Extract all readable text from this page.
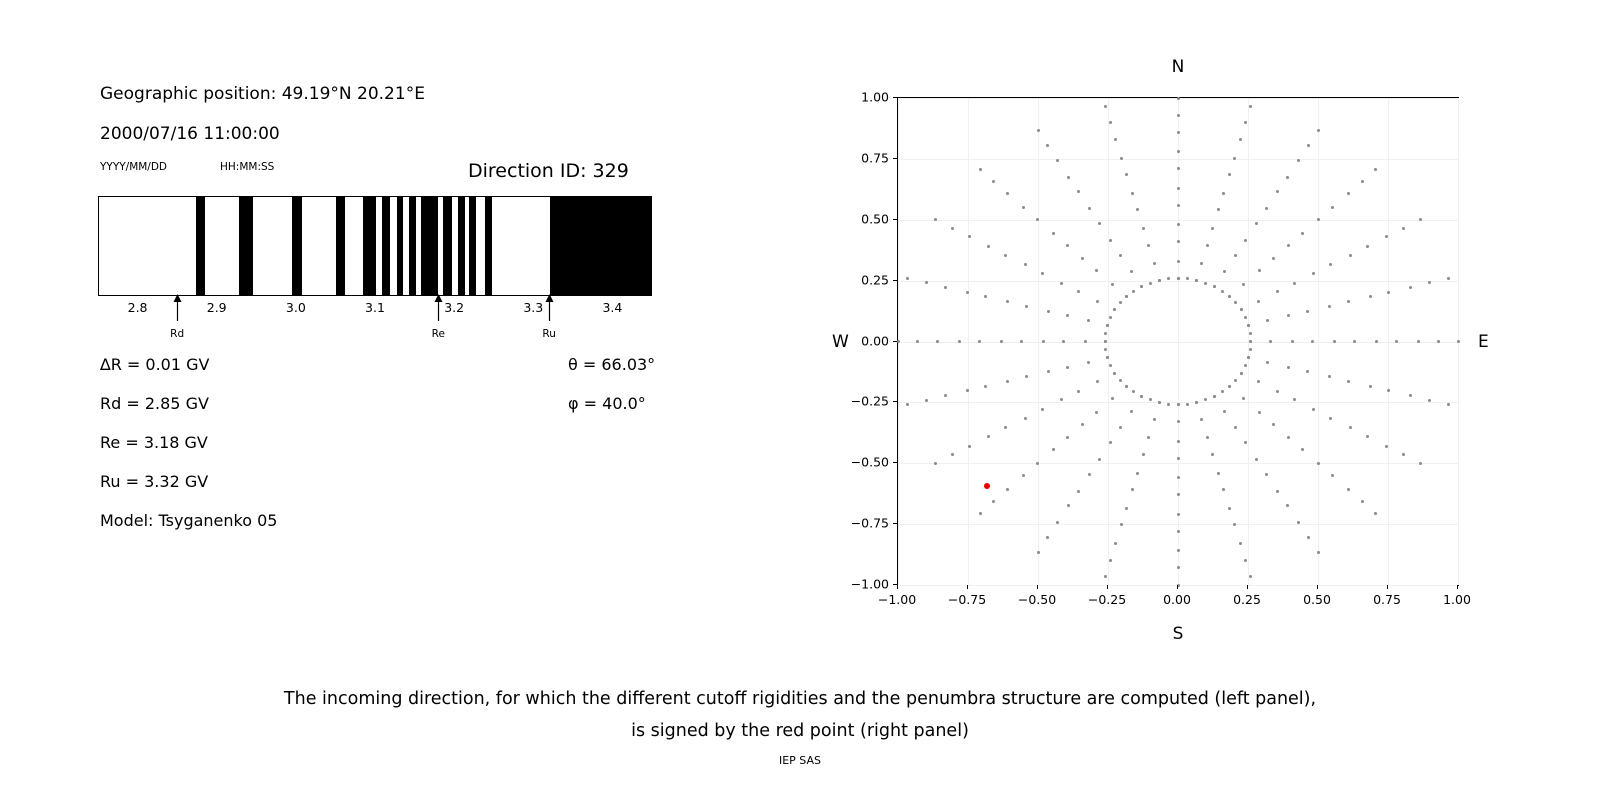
Geographic position: 49.19°N 20.21°E
2000/07/16 11:00:00
YYYY/MM/DD	HH:MM:SS	Direction ID: 329
2.8	2.9	3.0	3.1	3.2	3.3	3.4
Rd	Re	Ru
∆R = 0.01 GV
Rd = 2.85 GV
Re = 3.18 GV
Ru = 3.32 GV
Model: Tsyganenko 05
θ = 66.03°
φ = 40.0°
N
S
W	E
−1.00	−0.75	−0.50	−0.25	0.00	0.25	0.50	0.75	1.00
−1.00
−0.75
−0.50
−0.25
0.00
0.25
0.50
0.75
1.00
The incoming direction, for which the different cutoff rigidities and the penumbra structure are computed (left panel),
is signed by the red point (right panel)
IEP SAS
